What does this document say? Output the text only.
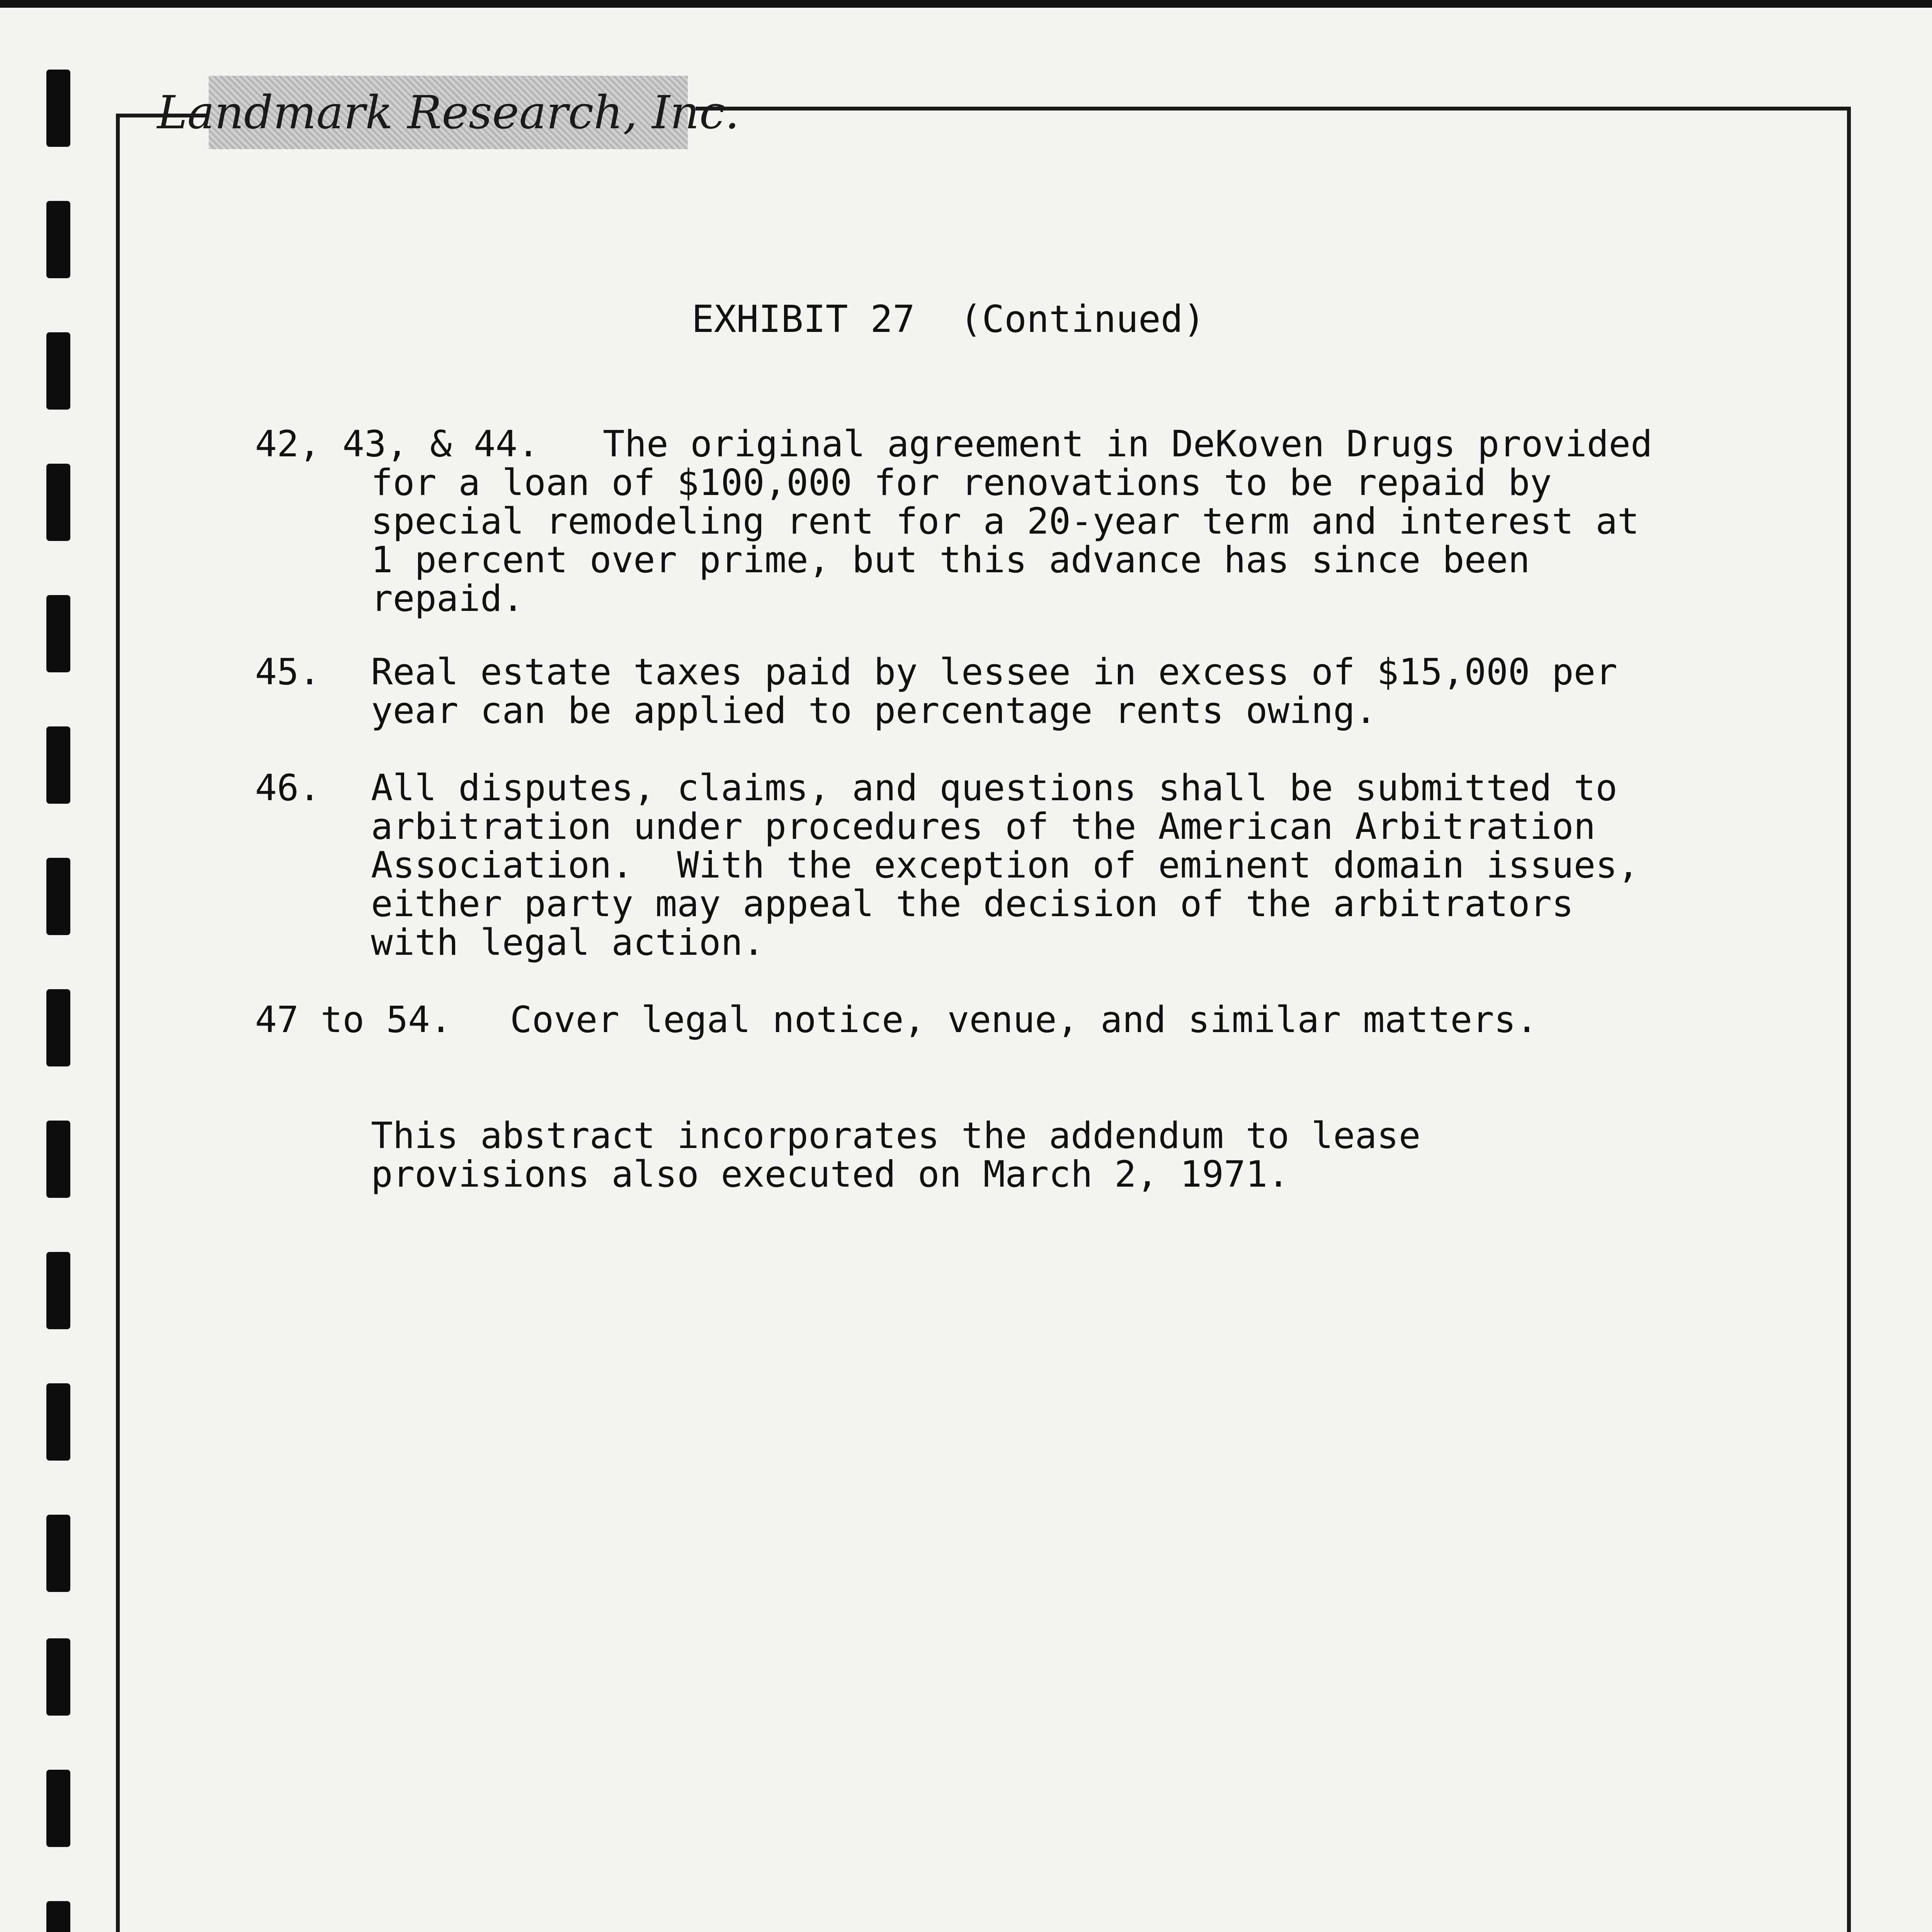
Landmark Research, Inc.
EXHIBIT 27  (Continued)

42, 43, & 44.

The original agreement in DeKoven Drugs provided

for a loan of $100,000 for renovations to be repaid by

special remodeling rent for a 20-year term and interest at

1 percent over prime, but this advance has since been

repaid.

45.

Real estate taxes paid by lessee in excess of $15,000 per

year can be applied to percentage rents owing.

46.

All disputes, claims, and questions shall be submitted to

arbitration under procedures of the American Arbitration

Association.  With the exception of eminent domain issues,

either party may appeal the decision of the arbitrators

with legal action.

47 to 54.

Cover legal notice, venue, and similar matters.

This abstract incorporates the addendum to lease

provisions also executed on March 2, 1971.
